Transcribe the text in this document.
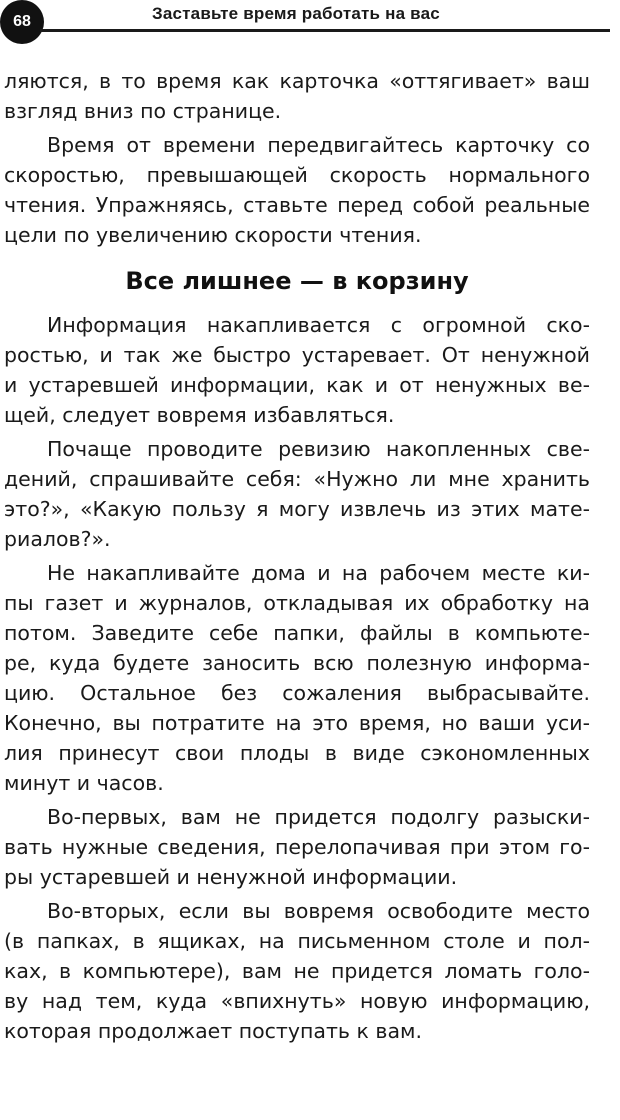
68	Заставьте время работать на вас

ляются, в то время как карточка «оттягивает» ваш
взгляд вниз по странице.

Время от времени передвигайтесь карточку со
скоростью, превышающей скорость нормального
чтения. Упражняясь, ставьте перед собой реальные
цели по увеличению скорости чтения.

Все лишнее — в корзину

Информация накапливается с огромной ско-
ростью, и так же быстро устаревает. От ненужной
и устаревшей информации, как и от ненужных ве-
щей, следует вовремя избавляться.

Почаще проводите ревизию накопленных све-
дений, спрашивайте себя: «Нужно ли мне хранить
это?», «Какую пользу я могу извлечь из этих мате-
риалов?».

Не накапливайте дома и на рабочем месте ки-
пы газет и журналов, откладывая их обработку на
потом. Заведите себе папки, файлы в компьюте-
ре, куда будете заносить всю полезную информа-
цию. Остальное без сожаления выбрасывайте.
Конечно, вы потратите на это время, но ваши уси-
лия принесут свои плоды в виде сэкономленных
минут и часов.

Во-первых, вам не придется подолгу разыски-
вать нужные сведения, перелопачивая при этом го-
ры устаревшей и ненужной информации.

Во-вторых, если вы вовремя освободите место
(в папках, в ящиках, на письменном столе и пол-
ках, в компьютере), вам не придется ломать голо-
ву над тем, куда «впихнуть» новую информацию,
которая продолжает поступать к вам.
